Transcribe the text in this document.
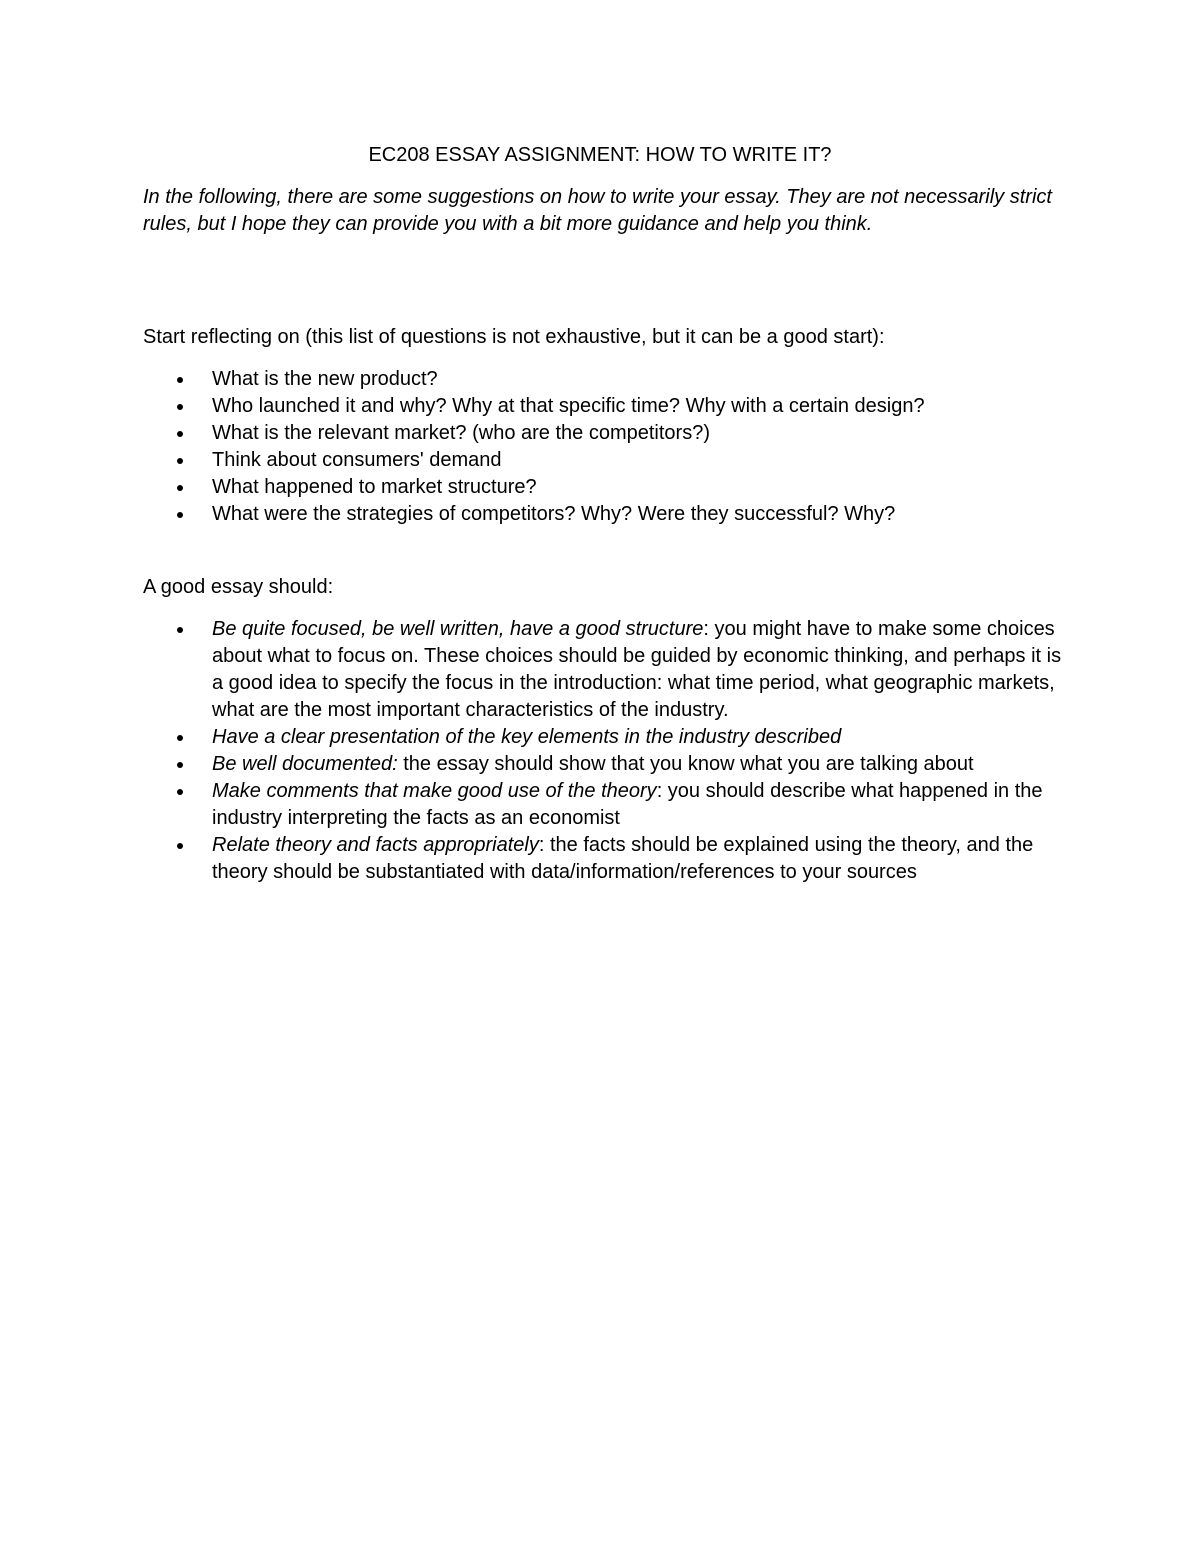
EC208 ESSAY ASSIGNMENT: HOW TO WRITE IT?
In the following, there are some suggestions on how to write your essay. They are not necessarily strict rules, but I hope they can provide you with a bit more guidance and help you think.
Start reflecting on (this list of questions is not exhaustive, but it can be a good start):
What is the new product?
Who launched it and why? Why at that specific time? Why with a certain design?
What is the relevant market? (who are the competitors?)
Think about consumers' demand
What happened to market structure?
What were the strategies of competitors? Why? Were they successful? Why?
A good essay should:
Be quite focused, be well written, have a good structure: you might have to make some choices about what to focus on. These choices should be guided by economic thinking, and perhaps it is a good idea to specify the focus in the introduction: what time period, what geographic markets, what are the most important characteristics of the industry.
Have a clear presentation of the key elements in the industry described
Be well documented: the essay should show that you know what you are talking about
Make comments that make good use of the theory: you should describe what happened in the industry interpreting the facts as an economist
Relate theory and facts appropriately: the facts should be explained using the theory, and the theory should be substantiated with data/information/references to your sources
